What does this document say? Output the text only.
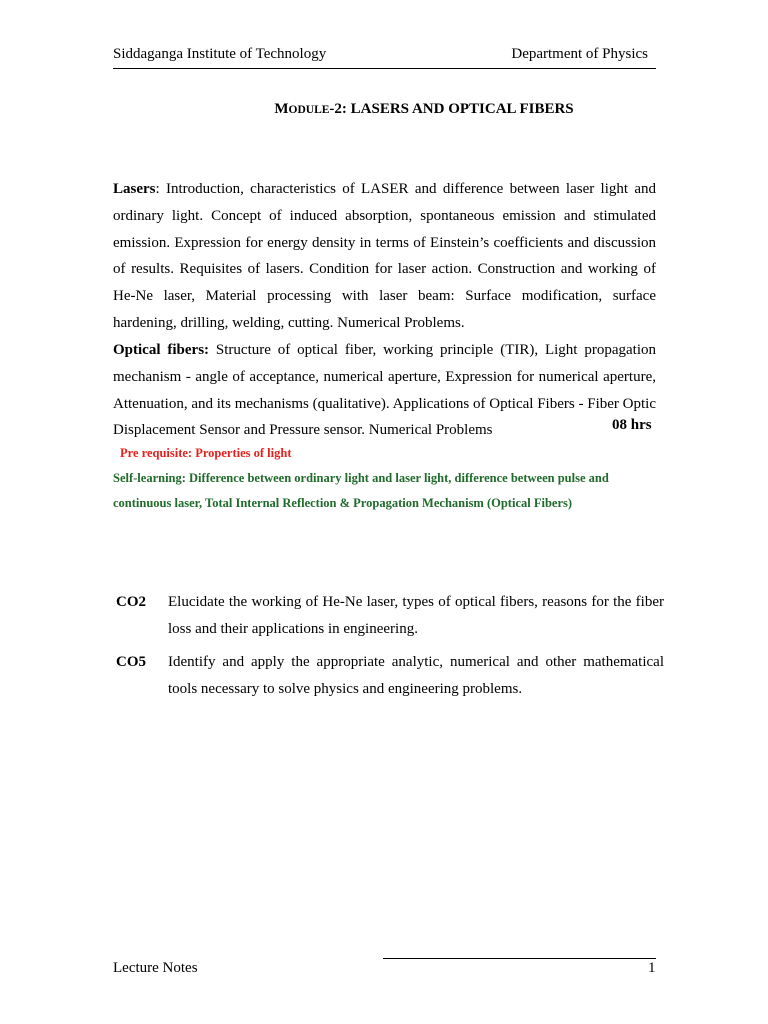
Siddaganga Institute of Technology	Department of Physics
MODULE-2: LASERS AND OPTICAL FIBERS
Lasers: Introduction, characteristics of LASER and difference between laser light and ordinary light. Concept of induced absorption, spontaneous emission and stimulated emission. Expression for energy density in terms of Einstein’s coefficients and discussion of results. Requisites of lasers. Condition for laser action. Construction and working of He-Ne laser, Material processing with laser beam: Surface modification, surface hardening, drilling, welding, cutting. Numerical Problems.
Optical fibers: Structure of optical fiber, working principle (TIR), Light propagation mechanism - angle of acceptance, numerical aperture, Expression for numerical aperture, Attenuation, and its mechanisms (qualitative). Applications of Optical Fibers - Fiber Optic Displacement Sensor and Pressure sensor. Numerical Problems	08 hrs
Pre requisite: Properties of light
Self-learning: Difference between ordinary light and laser light, difference between pulse and continuous laser, Total Internal Reflection & Propagation Mechanism (Optical Fibers)
CO2 Elucidate the working of He-Ne laser, types of optical fibers, reasons for the fiber loss and their applications in engineering.
CO5 Identify and apply the appropriate analytic, numerical and other mathematical tools necessary to solve physics and engineering problems.
Lecture Notes	1
